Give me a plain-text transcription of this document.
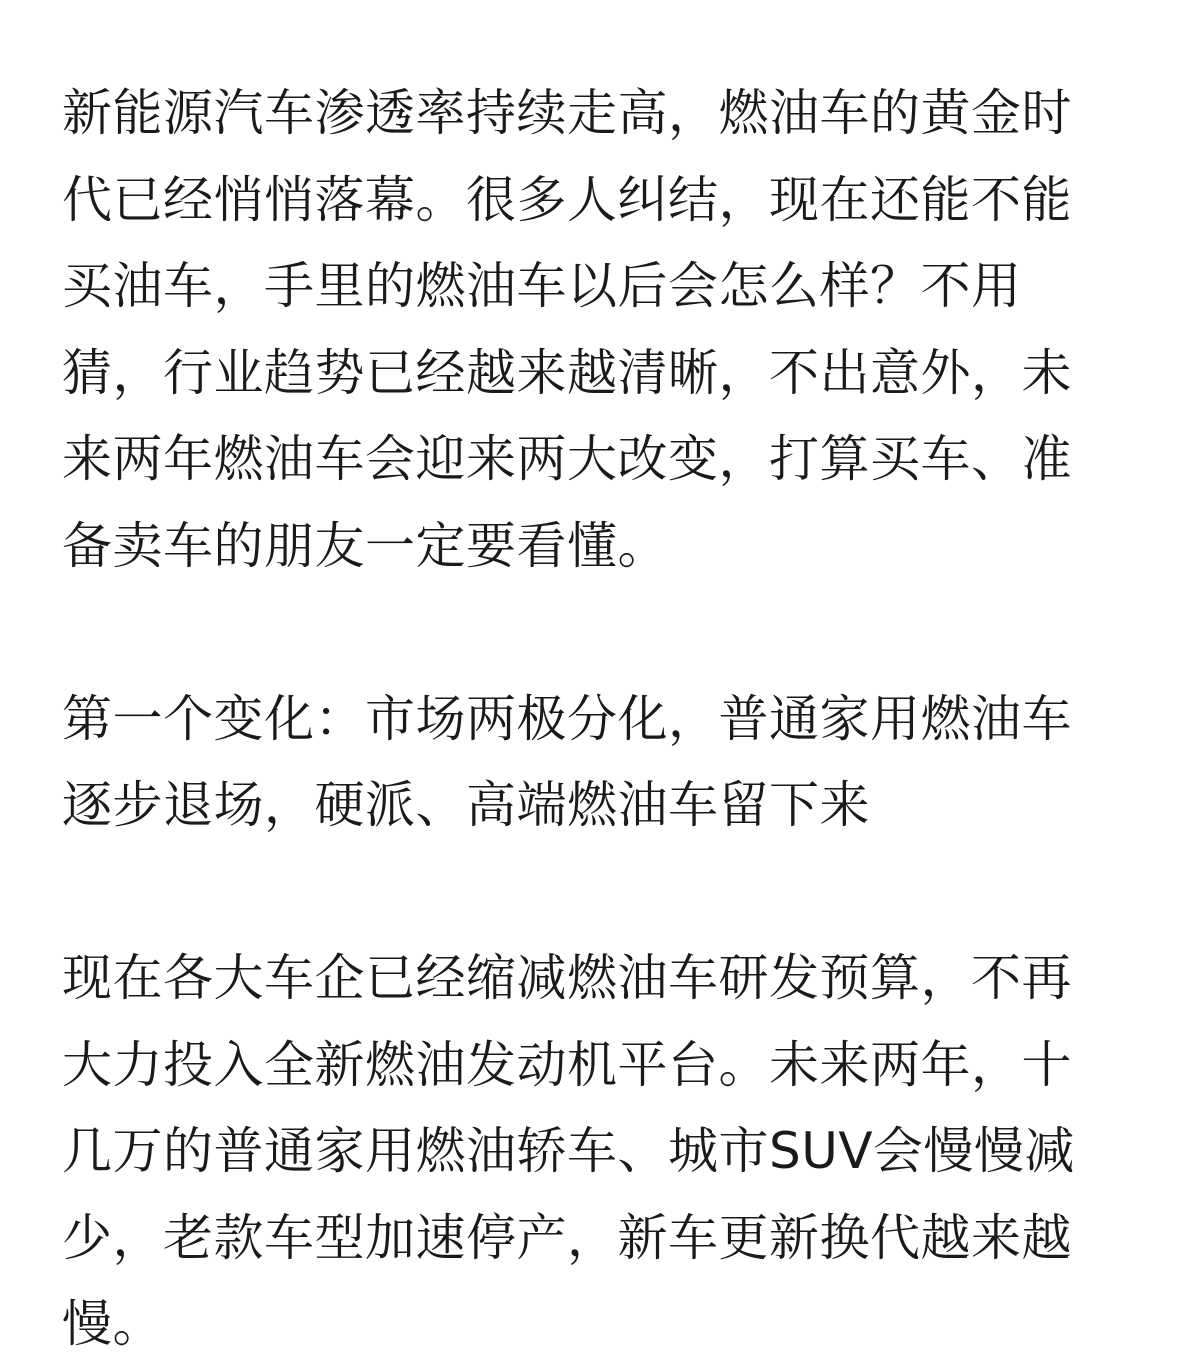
新能源汽车渗透率持续走高，燃油车的黄金时
代已经悄悄落幕。很多人纠结，现在还能不能
买油车，手里的燃油车以后会怎么样？不用
猜，行业趋势已经越来越清晰，不出意外，未
来两年燃油车会迎来两大改变，打算买车、准
备卖车的朋友一定要看懂。
第一个变化：市场两极分化，普通家用燃油车
逐步退场，硬派、高端燃油车留下来
现在各大车企已经缩减燃油车研发预算，不再
大力投入全新燃油发动机平台。未来两年，十
几万的普通家用燃油轿车、城市SUV会慢慢减
少，老款车型加速停产，新车更新换代越来越
慢。
